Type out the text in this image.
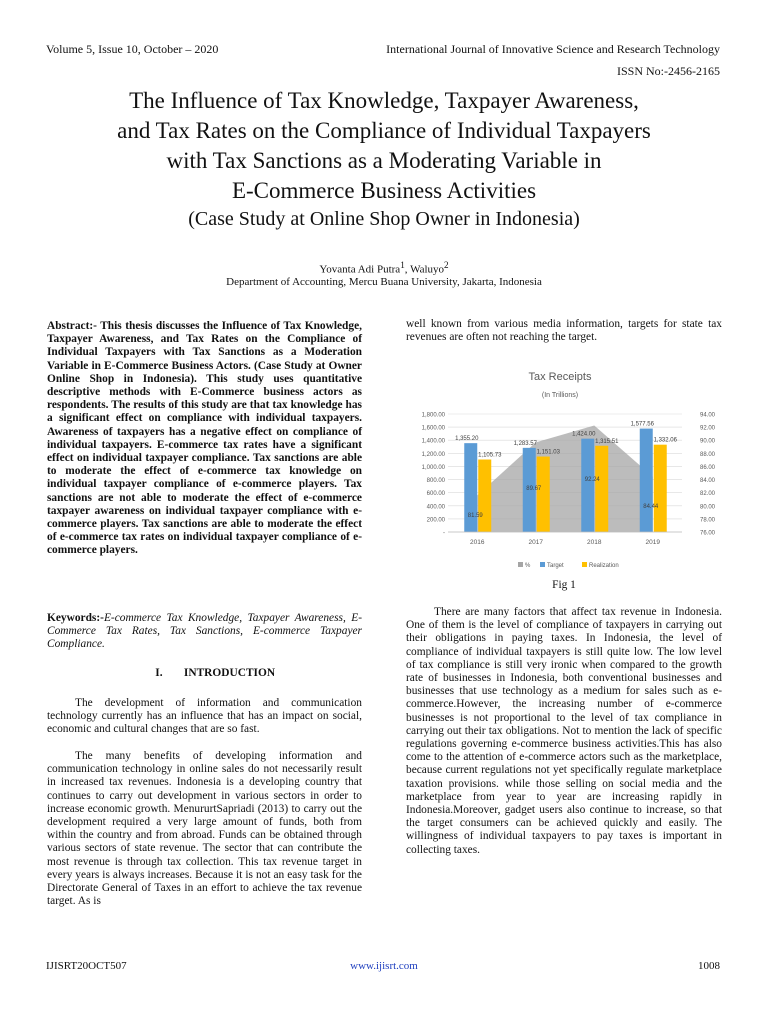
Volume 5, Issue 10, October – 2020	International Journal of Innovative Science and Research Technology
ISSN No:-2456-2165
The Influence of Tax Knowledge, Taxpayer Awareness,
and Tax Rates on the Compliance of Individual Taxpayers
with Tax Sanctions as a Moderating Variable in
E-Commerce Business Activities
(Case Study at Online Shop Owner in Indonesia)
Yovanta Adi Putra$^1$, Waluyo$^2$
Department of Accounting, Mercu Buana University, Jakarta, Indonesia
Abstract:- This thesis discusses the Influence of Tax Knowledge, Taxpayer Awareness, and Tax Rates on the Compliance of Individual Taxpayers with Tax Sanctions as a Moderation Variable in E-Commerce Business Actors. (Case Study at Owner Online Shop in Indonesia). This study uses quantitative descriptive methods with E-Commerce business actors as respondents. The results of this study are that tax knowledge has a significant effect on compliance with individual taxpayers. Awareness of taxpayers has a negative effect on compliance of individual taxpayers. E-commerce tax rates have a significant effect on individual taxpayer compliance. Tax sanctions are able to moderate the effect of e-commerce tax knowledge on individual taxpayer compliance of e-commerce players. Tax sanctions are not able to moderate the effect of e-commerce taxpayer awareness on individual taxpayer compliance with e-commerce players. Tax sanctions are able to moderate the effect of e-commerce tax rates on individual taxpayer compliance of e-commerce players.
Keywords:-E-commerce Tax Knowledge, Taxpayer Awareness, E-Commerce Tax Rates, Tax Sanctions, E-commerce Taxpayer Compliance.
I. INTRODUCTION
The development of information and communication technology currently has an influence that has an impact on social, economic and cultural changes that are so fast.
The many benefits of developing information and communication technology in online sales do not necessarily result in increased tax revenues. Indonesia is a developing country that continues to carry out development in various sectors in order to increase economic growth. MenururtSapriadi (2013) to carry out the development required a very large amount of funds, both from within the country and from abroad. Funds can be obtained through various sectors of state revenue. The sector that can contribute the most revenue is through tax collection. This tax revenue target in every years is always increases. Because it is not an easy task for the Directorate General of Taxes in an effort to achieve the tax revenue target. As is
well known from various media information, targets for state tax revenues are often not reaching the target.
Tax Receipts
(In Trillions)
1,355.20
1,283.57
1,424.00
1,577.56
1,105.73	1,151.03
1,315.51	1,332.06
81.59
89.67
92.24
84.44
1,800.00
1,600.00
1,400.00
1,200.00
1,000.00
800.00
600.00
400.00
200.00
-
94.00
92.00
90.00
88.00
86.00
84.00
82.00
80.00
78.00
76.00
2016	2017	2018	2019
%	Target	Realization
Fig 1
There are many factors that affect tax revenue in Indonesia. One of them is the level of compliance of taxpayers in carrying out their obligations in paying taxes. In Indonesia, the level of compliance of individual taxpayers is still quite low. The low level of tax compliance is still very ironic when compared to the growth rate of businesses in Indonesia, both conventional businesses and businesses that use technology as a medium for sales such as e-commerce.However, the increasing number of e-commerce businesses is not proportional to the level of tax compliance in carrying out their tax obligations. Not to mention the lack of specific regulations governing e-commerce business activities.This has also come to the attention of e-commerce actors such as the marketplace, because current regulations not yet specifically regulate marketplace taxation provisions. while those selling on social media and the marketplace from year to year are increasing rapidly in Indonesia.Moreover, gadget users also continue to increase, so that the target consumers can be achieved quickly and easily. The willingness of individual taxpayers to pay taxes is important in collecting taxes.
IJISRT20OCT507	www.ijisrt.com	1008
